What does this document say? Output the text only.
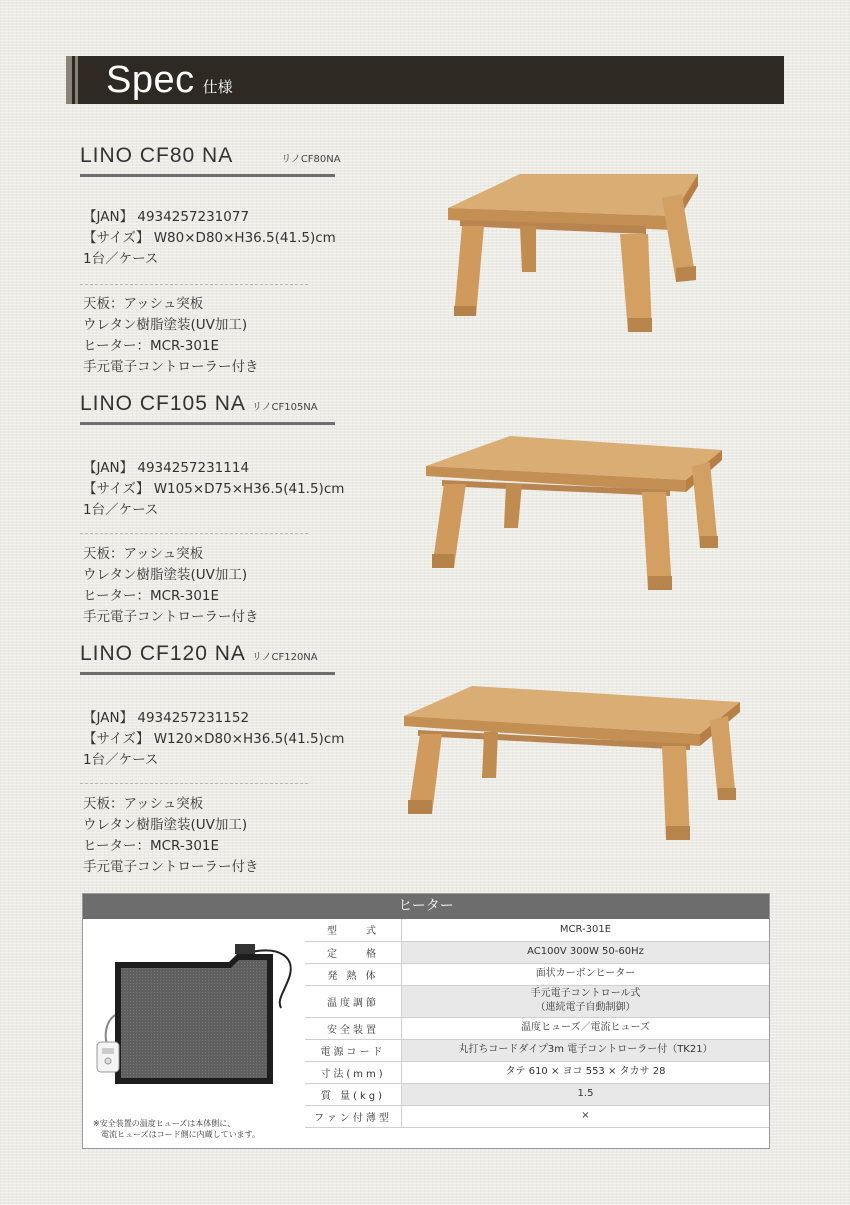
Spec 仕様
LINO CF80 NA	リノCF80NA
【JAN】 4934257231077
【サイズ】 W80×D80×H36.5(41.5)cm
1台／ケース
天板：アッシュ突板
ウレタン樹脂塗装(UV加工)
ヒーター：MCR-301E
手元電子コントローラー付き
LINO CF105 NA リノCF105NA
【JAN】 4934257231114
【サイズ】 W105×D75×H36.5(41.5)cm
1台／ケース
天板：アッシュ突板
ウレタン樹脂塗装(UV加工)
ヒーター：MCR-301E
手元電子コントローラー付き
LINO CF120 NA リノCF120NA
【JAN】 4934257231152
【サイズ】 W120×D80×H36.5(41.5)cm
1台／ケース
天板：アッシュ突板
ウレタン樹脂塗装(UV加工)
ヒーター：MCR-301E
手元電子コントローラー付き
ヒーター
※安全装置の温度ヒューズは本体側に、
　電流ヒューズはコード側に内蔵しています。
型　　式	MCR-301E
定　　格	AC100V 300W 50-60Hz
発 熱 体	面状カーボンヒーター
温度調節	手元電子コントロール式
（連続電子自動制御）
安全装置	温度ヒューズ／電流ヒューズ
電源コード	丸打ちコードダイプ3m 電子コントローラー付（TK21）
寸法(mm)	タテ 610 × ヨコ 553 × タカサ 28
質 量(kg)	1.5
ファン付薄型	×
